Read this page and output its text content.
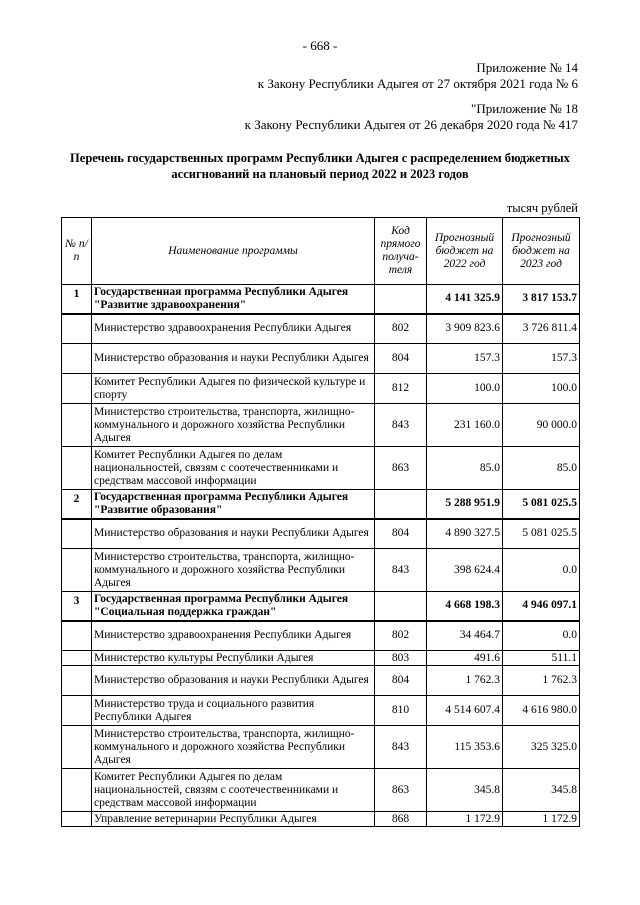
- 668 -
Приложение № 14
к Закону Республики Адыгея от 27 октября 2021 года № 6
"Приложение № 18
к Закону Республики Адыгея от 26 декабря 2020 года № 417
Перечень государственных программ Республики Адыгея с распределением бюджетных ассигнований на плановый период 2022 и 2023 годов
тысяч рублей
№ п/п	Наименование программы	Код прямого получа-теля	Прогнозный бюджет на 2022 год	Прогнозный бюджет на 2023 год
1	Государственная программа Республики Адыгея "Развитие здравоохранения"		4 141 325.9	3 817 153.7
	Министерство здравоохранения Республики Адыгея	802	3 909 823.6	3 726 811.4
	Министерство образования и науки Республики Адыгея	804	157.3	157.3
	Комитет Республики Адыгея по физической культуре и спорту	812	100.0	100.0
	Министерство строительства, транспорта, жилищно-коммунального и дорожного хозяйства Республики Адыгея	843	231 160.0	90 000.0
	Комитет Республики Адыгея по делам национальностей, связям с соотечественниками и средствам массовой информации	863	85.0	85.0
2	Государственная программа Республики Адыгея "Развитие образования"		5 288 951.9	5 081 025.5
	Министерство образования и науки Республики Адыгея	804	4 890 327.5	5 081 025.5
	Министерство строительства, транспорта, жилищно-коммунального и дорожного хозяйства Республики Адыгея	843	398 624.4	0.0
3	Государственная программа Республики Адыгея "Социальная поддержка граждан"		4 668 198.3	4 946 097.1
	Министерство здравоохранения Республики Адыгея	802	34 464.7	0.0
	Министерство культуры Республики Адыгея	803	491.6	511.1
	Министерство образования и науки Республики Адыгея	804	1 762.3	1 762.3
	Министерство труда и социального развития Республики Адыгея	810	4 514 607.4	4 616 980.0
	Министерство строительства, транспорта, жилищно-коммунального и дорожного хозяйства Республики Адыгея	843	115 353.6	325 325.0
	Комитет Республики Адыгея по делам национальностей, связям с соотечественниками и средствам массовой информации	863	345.8	345.8
	Управление ветеринарии Республики Адыгея	868	1 172.9	1 172.9
